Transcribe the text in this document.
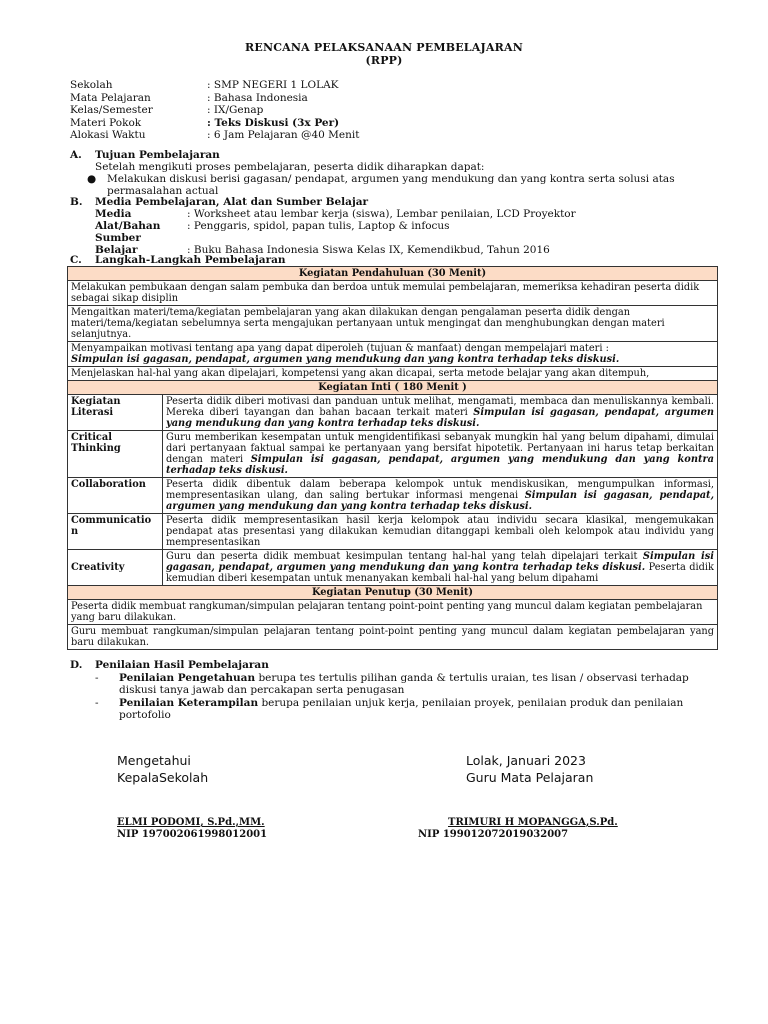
RENCANA PELAKSANAAN PEMBELAJARAN
(RPP)
Sekolah	: SMP NEGERI 1 LOLAK
Mata Pelajaran	: Bahasa Indonesia
Kelas/Semester	: IX/Genap
Materi Pokok	: Teks Diskusi (3x Per)
Alokasi Waktu	: 6 Jam Pelajaran @40 Menit
A. Tujuan Pembelajaran
Setelah mengikuti proses pembelajaran, peserta didik diharapkan dapat:
●	Melakukan diskusi berisi gagasan/ pendapat, argumen yang mendukung dan yang kontra serta solusi atas permasalahan actual
B. Media Pembelajaran, Alat dan Sumber Belajar
Media	: Worksheet atau lembar kerja (siswa), Lembar penilaian, LCD Proyektor
Alat/Bahan	: Penggaris, spidol, papan tulis, Laptop & infocus
Sumber Belajar	: Buku Bahasa Indonesia Siswa Kelas IX, Kemendikbud, Tahun 2016
C. Langkah-Langkah Pembelajaran
Kegiatan Pendahuluan (30 Menit)	
Melakukan pembukaan dengan salam pembuka dan berdoa untuk memulai pembelajaran, memeriksa kehadiran peserta didik sebagai sikap disiplin	
Mengaitkan materi/tema/kegiatan pembelajaran yang akan dilakukan dengan pengalaman peserta didik dengan materi/tema/kegiatan sebelumnya serta mengajukan pertanyaan untuk mengingat dan menghubungkan dengan materi selanjutnya.	

Menyampaikan motivasi tentang apa yang dapat diperoleh (tujuan & manfaat) dengan mempelajari materi :
Simpulan isi gagasan, pendapat, argumen yang mendukung dan yang kontra terhadap teks diskusi.	

Menjelaskan hal-hal yang akan dipelajari, kompetensi yang akan dicapai, serta metode belajar yang akan ditempuh,	
Kegiatan Inti ( 180 Menit )	
Kegiatan Literasi	Peserta didik diberi motivasi dan panduan untuk melihat, mengamati, membaca dan menuliskannya kembali. Mereka diberi tayangan dan bahan bacaan terkait materi Simpulan isi gagasan, pendapat, argumen yang mendukung dan yang kontra terhadap teks diskusi.
Critical Thinking	Guru memberikan kesempatan untuk mengidentifikasi sebanyak mungkin hal yang belum dipahami, dimulai dari pertanyaan faktual sampai ke pertanyaan yang bersifat hipotetik. Pertanyaan ini harus tetap berkaitan dengan materi Simpulan isi gagasan, pendapat, argumen yang mendukung dan yang kontra terhadap teks diskusi.
Collaboration	Peserta didik dibentuk dalam beberapa kelompok untuk mendiskusikan, mengumpulkan informasi, mempresentasikan ulang, dan saling bertukar informasi mengenai Simpulan isi gagasan, pendapat, argumen yang mendukung dan yang kontra terhadap teks diskusi.
Communicatio n	Peserta didik mempresentasikan hasil kerja kelompok atau individu secara klasikal, mengemukakan pendapat atas presentasi yang dilakukan kemudian ditanggapi kembali oleh kelompok atau individu yang mempresentasikan
Creativity	Guru dan peserta didik membuat kesimpulan tentang hal-hal yang telah dipelajari terkait Simpulan isi gagasan, pendapat, argumen yang mendukung dan yang kontra terhadap teks diskusi. Peserta didik kemudian diberi kesempatan untuk menanyakan kembali hal-hal yang belum dipahami
Kegiatan Penutup (30 Menit)	
Peserta didik membuat rangkuman/simpulan pelajaran tentang point-point penting yang muncul dalam kegiatan pembelajaran yang baru dilakukan.	
Guru membuat rangkuman/simpulan pelajaran tentang point-point penting yang muncul dalam kegiatan pembelajaran yang baru dilakukan.	
D. Penilaian Hasil Pembelajaran
-	Penilaian Pengetahuan berupa tes tertulis pilihan ganda & tertulis uraian, tes lisan / observasi terhadap diskusi tanya jawab dan percakapan serta penugasan
-	Penilaian Keterampilan berupa penilaian unjuk kerja, penilaian proyek, penilaian produk dan penilaian portofolio
Mengetahui
KepalaSekolah
Lolak, Januari 2023
Guru Mata Pelajaran
ELMI PODOMI, S.Pd.,MM.
NIP 197002061998012001
TRIMURI H MOPANGGA,S.Pd.
NIP 199012072019032007
